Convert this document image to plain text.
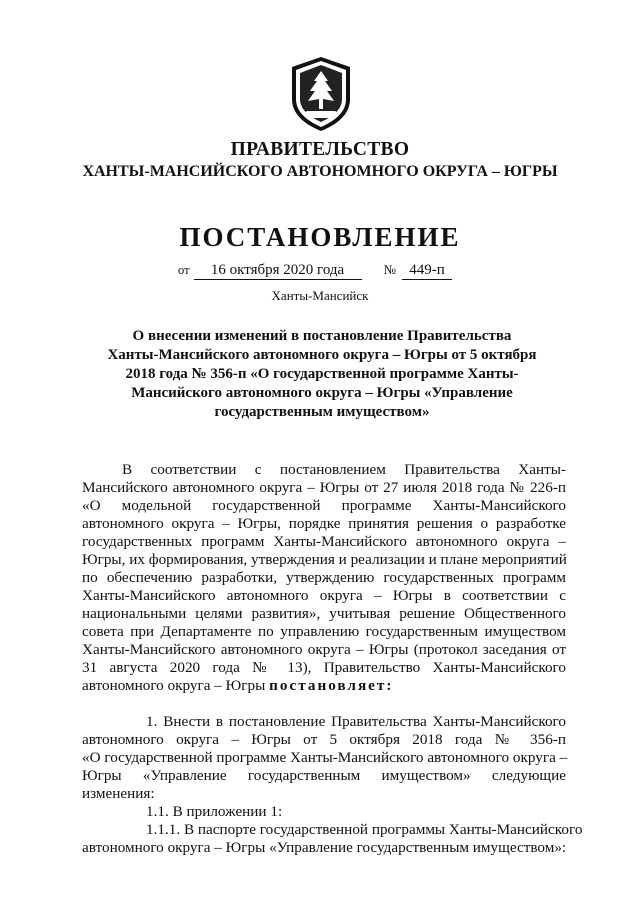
ПРАВИТЕЛЬСТВО
ХАНТЫ-МАНСИЙСКОГО АВТОНОМНОГО ОКРУГА – ЮГРЫ
ПОСТАНОВЛЕНИЕ
от 16 октября 2020 года	№ 449-п
Ханты-Мансийск
О внесении изменений в постановление Правительства
Ханты-Мансийского автономного округа – Югры от 5 октября
2018 года № 356-п «О государственной программе Ханты-
Мансийского автономного округа – Югры «Управление
государственным имуществом»
В соответствии с постановлением Правительства Ханты-
Мансийского автономного округа – Югры от 27 июля 2018 года № 226-п
«О модельной государственной программе Ханты-Мансийского
автономного округа – Югры, порядке принятия решения о разработке
государственных программ Ханты-Мансийского автономного округа –
Югры, их формирования, утверждения и реализации и плане мероприятий
по обеспечению разработки, утверждению государственных программ
Ханты-Мансийского автономного округа – Югры в соответствии с
национальными целями развития», учитывая решение Общественного
совета при Департаменте по управлению государственным имуществом
Ханты-Мансийского автономного округа – Югры (протокол заседания от
31 августа 2020 года № 13), Правительство Ханты-Мансийского
автономного округа – Югры постановляет:
1. Внести в постановление Правительства Ханты-Мансийского
автономного округа – Югры от 5 октября 2018 года № 356-п
«О государственной программе Ханты-Мансийского автономного округа –
Югры «Управление государственным имуществом» следующие
изменения:
1.1. В приложении 1:
1.1.1. В паспорте государственной программы Ханты-Мансийского
автономного округа – Югры «Управление государственным имуществом»:
